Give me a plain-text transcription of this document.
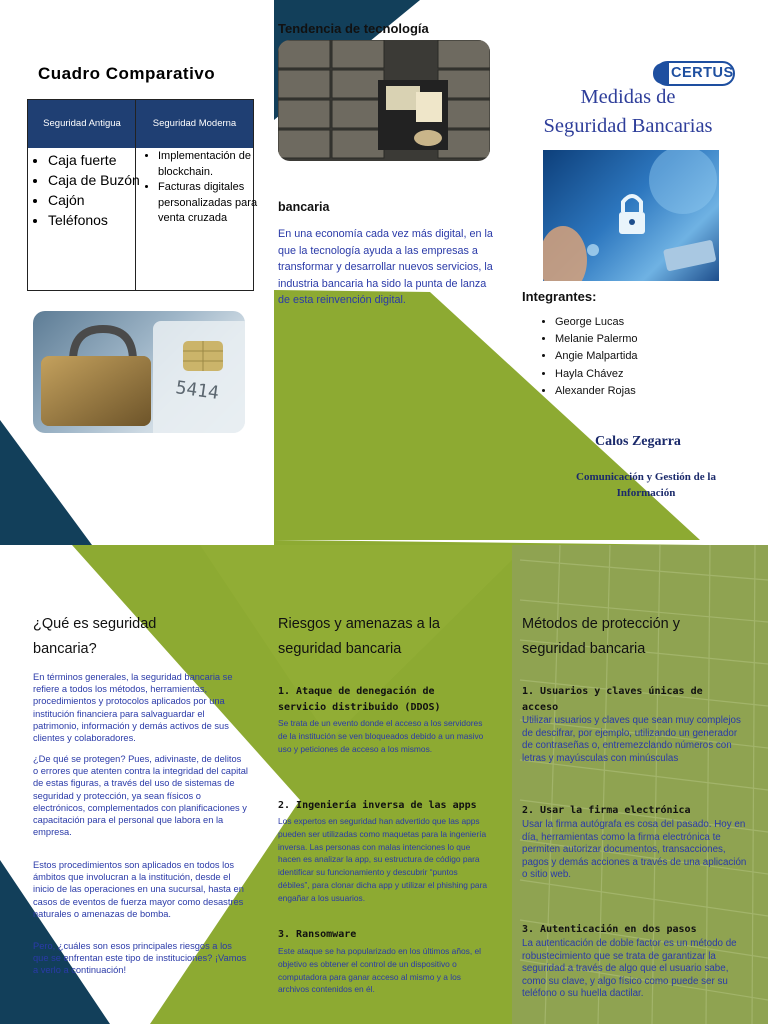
Cuadro Comparativo
Seguridad Antigua	Seguridad Moderna
• Caja fuerte
• Caja de Buzón
• Cajón
• Teléfonos
• Implementación de blockchain.
• Facturas digitales personalizadas para venta cruzada
5414
Tendencia de tecnología
bancaria
En una economía cada vez más digital, en la que la tecnología ayuda a las empresas a transformar y desarrollar nuevos servicios, la industria bancaria ha sido la punta de lanza de esta reinvención digital.
CERTUS
Medidas de
Seguridad Bancarias
Integrantes:
• George Lucas
• Melanie Palermo
• Angie Malpartida
• Hayla Chávez
• Alexander Rojas
Calos Zegarra
Comunicación y Gestión de la
Información
¿Qué es seguridad bancaria?
En términos generales, la seguridad bancaria se refiere a todos los métodos, herramientas, procedimientos y protocolos aplicados por una institución financiera para salvaguardar el patrimonio, información y demás activos de sus clientes y colaboradores.
¿De qué se protegen? Pues, adivinaste, de delitos o errores que atenten contra la integridad del capital de estas figuras, a través del uso de sistemas de seguridad y protección, ya sean físicos o electrónicos, complementados con planificaciones y capacitación para el personal que labora en la empresa.
Estos procedimientos son aplicados en todos los ámbitos que involucran a la institución, desde el inicio de las operaciones en una sucursal, hasta en casos de eventos de fuerza mayor como desastres naturales o amenazas de bomba.
Pero, ¿cuáles son esos principales riesgos a los que se enfrentan este tipo de instituciones? ¡Vamos a verlo a continuación!
Riesgos y amenazas a la seguridad bancaria
1. Ataque de denegación de servicio distribuido (DDOS)
Se trata de un evento donde el acceso a los servidores de la institución se ven bloqueados debido a un masivo uso y peticiones de acceso a los mismos.
2. Ingeniería inversa de las apps
Los expertos en seguridad han advertido que las apps pueden ser utilizadas como maquetas para la ingeniería inversa. Las personas con malas intenciones lo que hacen es analizar la app, su estructura de código para identificar su funcionamiento y descubrir “puntos débiles”, para clonar dicha app y utilizar el phishing para engañar a los usuarios.
3. Ransomware
Este ataque se ha popularizado en los últimos años, el objetivo es obtener el control de un dispositivo o computadora para ganar acceso al mismo y a los archivos contenidos en él.
Métodos de protección y seguridad bancaria
1. Usuarios y claves únicas de acceso
Utilizar usuarios y claves que sean muy complejos de descifrar, por ejemplo, utilizando un generador de contraseñas o, entremezclando números con letras y mayúsculas con minúsculas
2. Usar la firma electrónica
Usar la firma autógrafa es cosa del pasado. Hoy en día, herramientas como la firma electrónica te permiten autorizar documentos, transacciones, pagos y demás acciones a través de una aplicación o sitio web.
3. Autenticación en dos pasos
La autenticación de doble factor es un método de robustecimiento que se trata de garantizar la seguridad a través de algo que el usuario sabe, como su clave, y algo físico como puede ser su teléfono o su huella dactilar.
